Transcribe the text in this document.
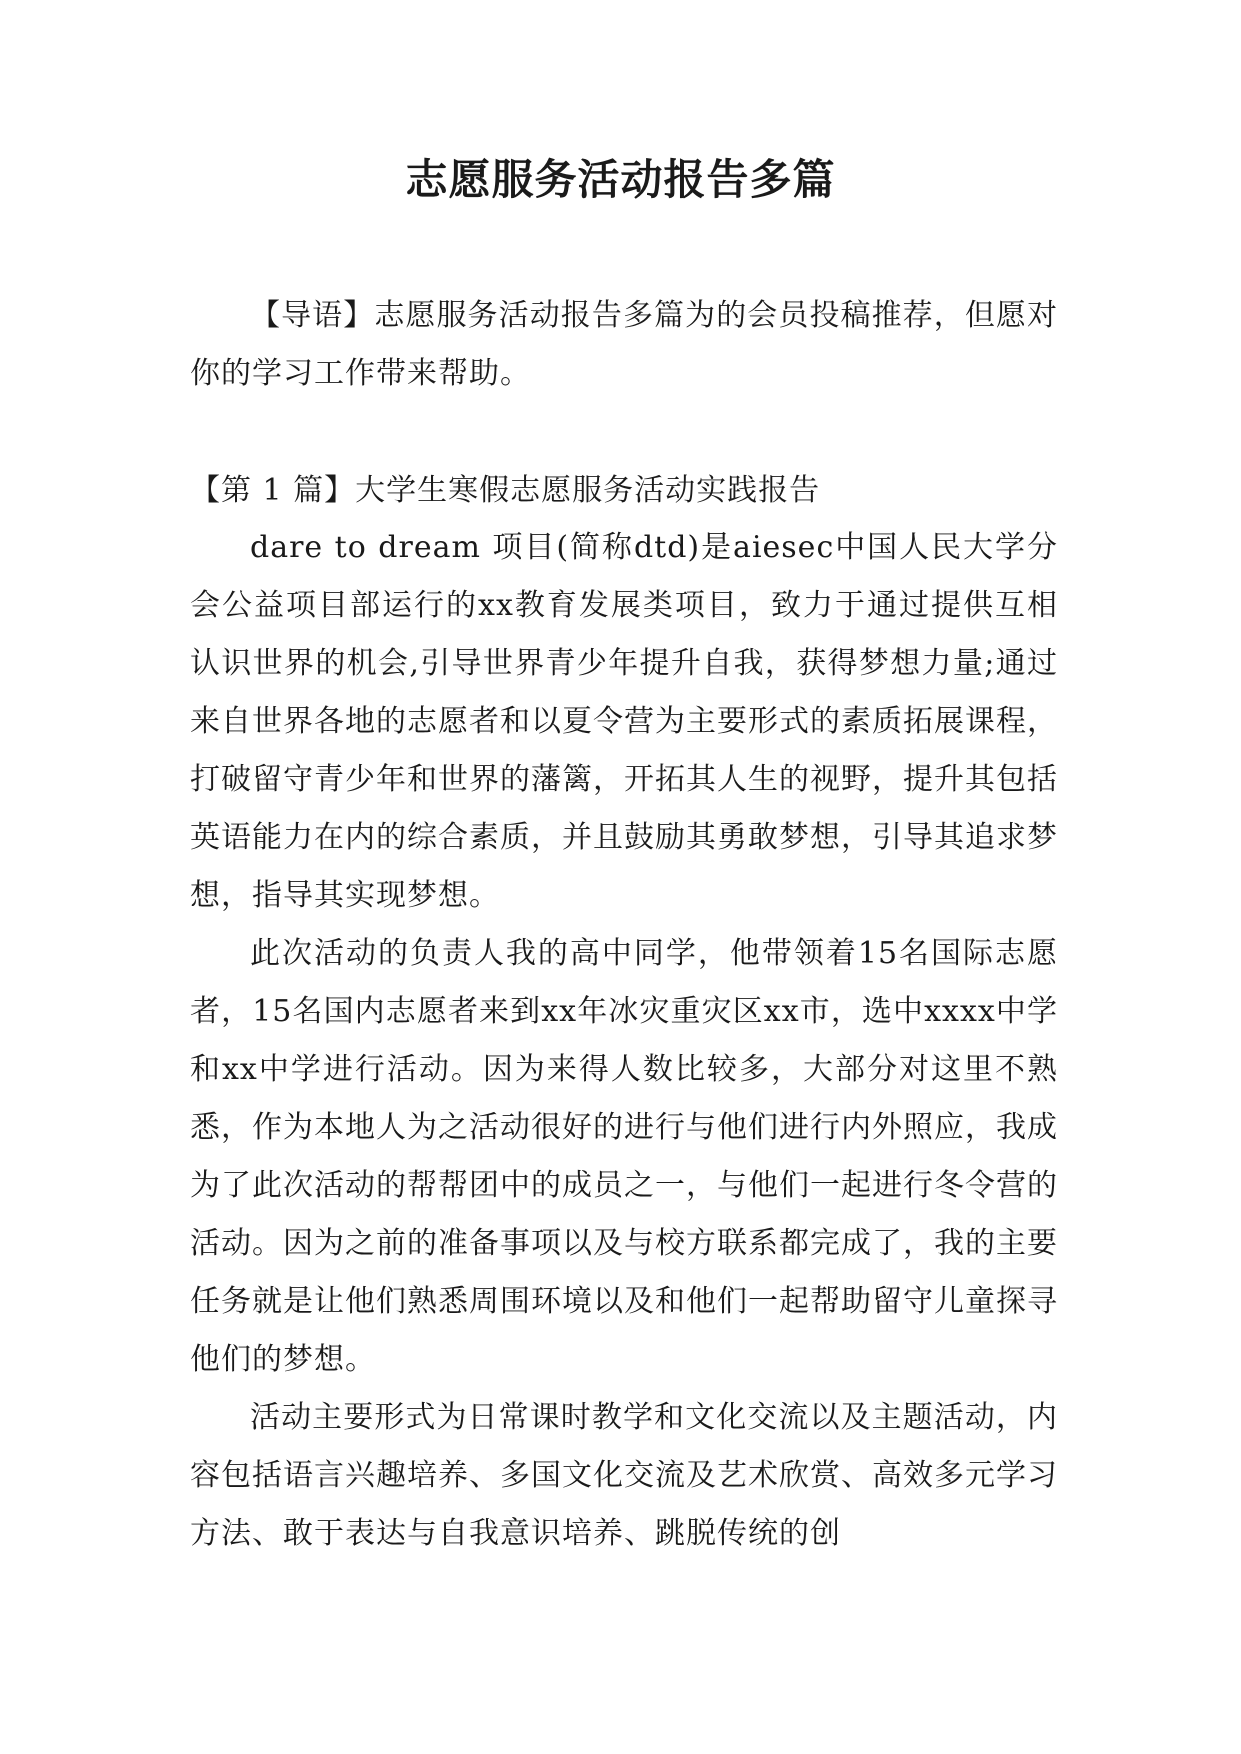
志愿服务活动报告多篇

【导语】志愿服务活动报告多篇为的会员投稿推荐，但愿对你的学习工作带来帮助。

【第 1 篇】大学生寒假志愿服务活动实践报告

dare to dream 项目(简称dtd)是aiesec中国人民大学分会公益项目部运行的xx教育发展类项目，致力于通过提供互相认识世界的机会,引导世界青少年提升自我，获得梦想力量;通过来自世界各地的志愿者和以夏令营为主要形式的素质拓展课程，打破留守青少年和世界的藩篱，开拓其人生的视野，提升其包括英语能力在内的综合素质，并且鼓励其勇敢梦想，引导其追求梦想，指导其实现梦想。

此次活动的负责人我的高中同学，他带领着15名国际志愿者，15名国内志愿者来到xx年冰灾重灾区xx市，选中xxxx中学和xx中学进行活动。因为来得人数比较多，大部分对这里不熟悉，作为本地人为之活动很好的进行与他们进行内外照应，我成为了此次活动的帮帮团中的成员之一，与他们一起进行冬令营的活动。因为之前的准备事项以及与校方联系都完成了，我的主要任务就是让他们熟悉周围环境以及和他们一起帮助留守儿童探寻他们的梦想。

活动主要形式为日常课时教学和文化交流以及主题活动，内容包括语言兴趣培养、多国文化交流及艺术欣赏、高效多元学习方法、敢于表达与自我意识培养、跳脱传统的创
